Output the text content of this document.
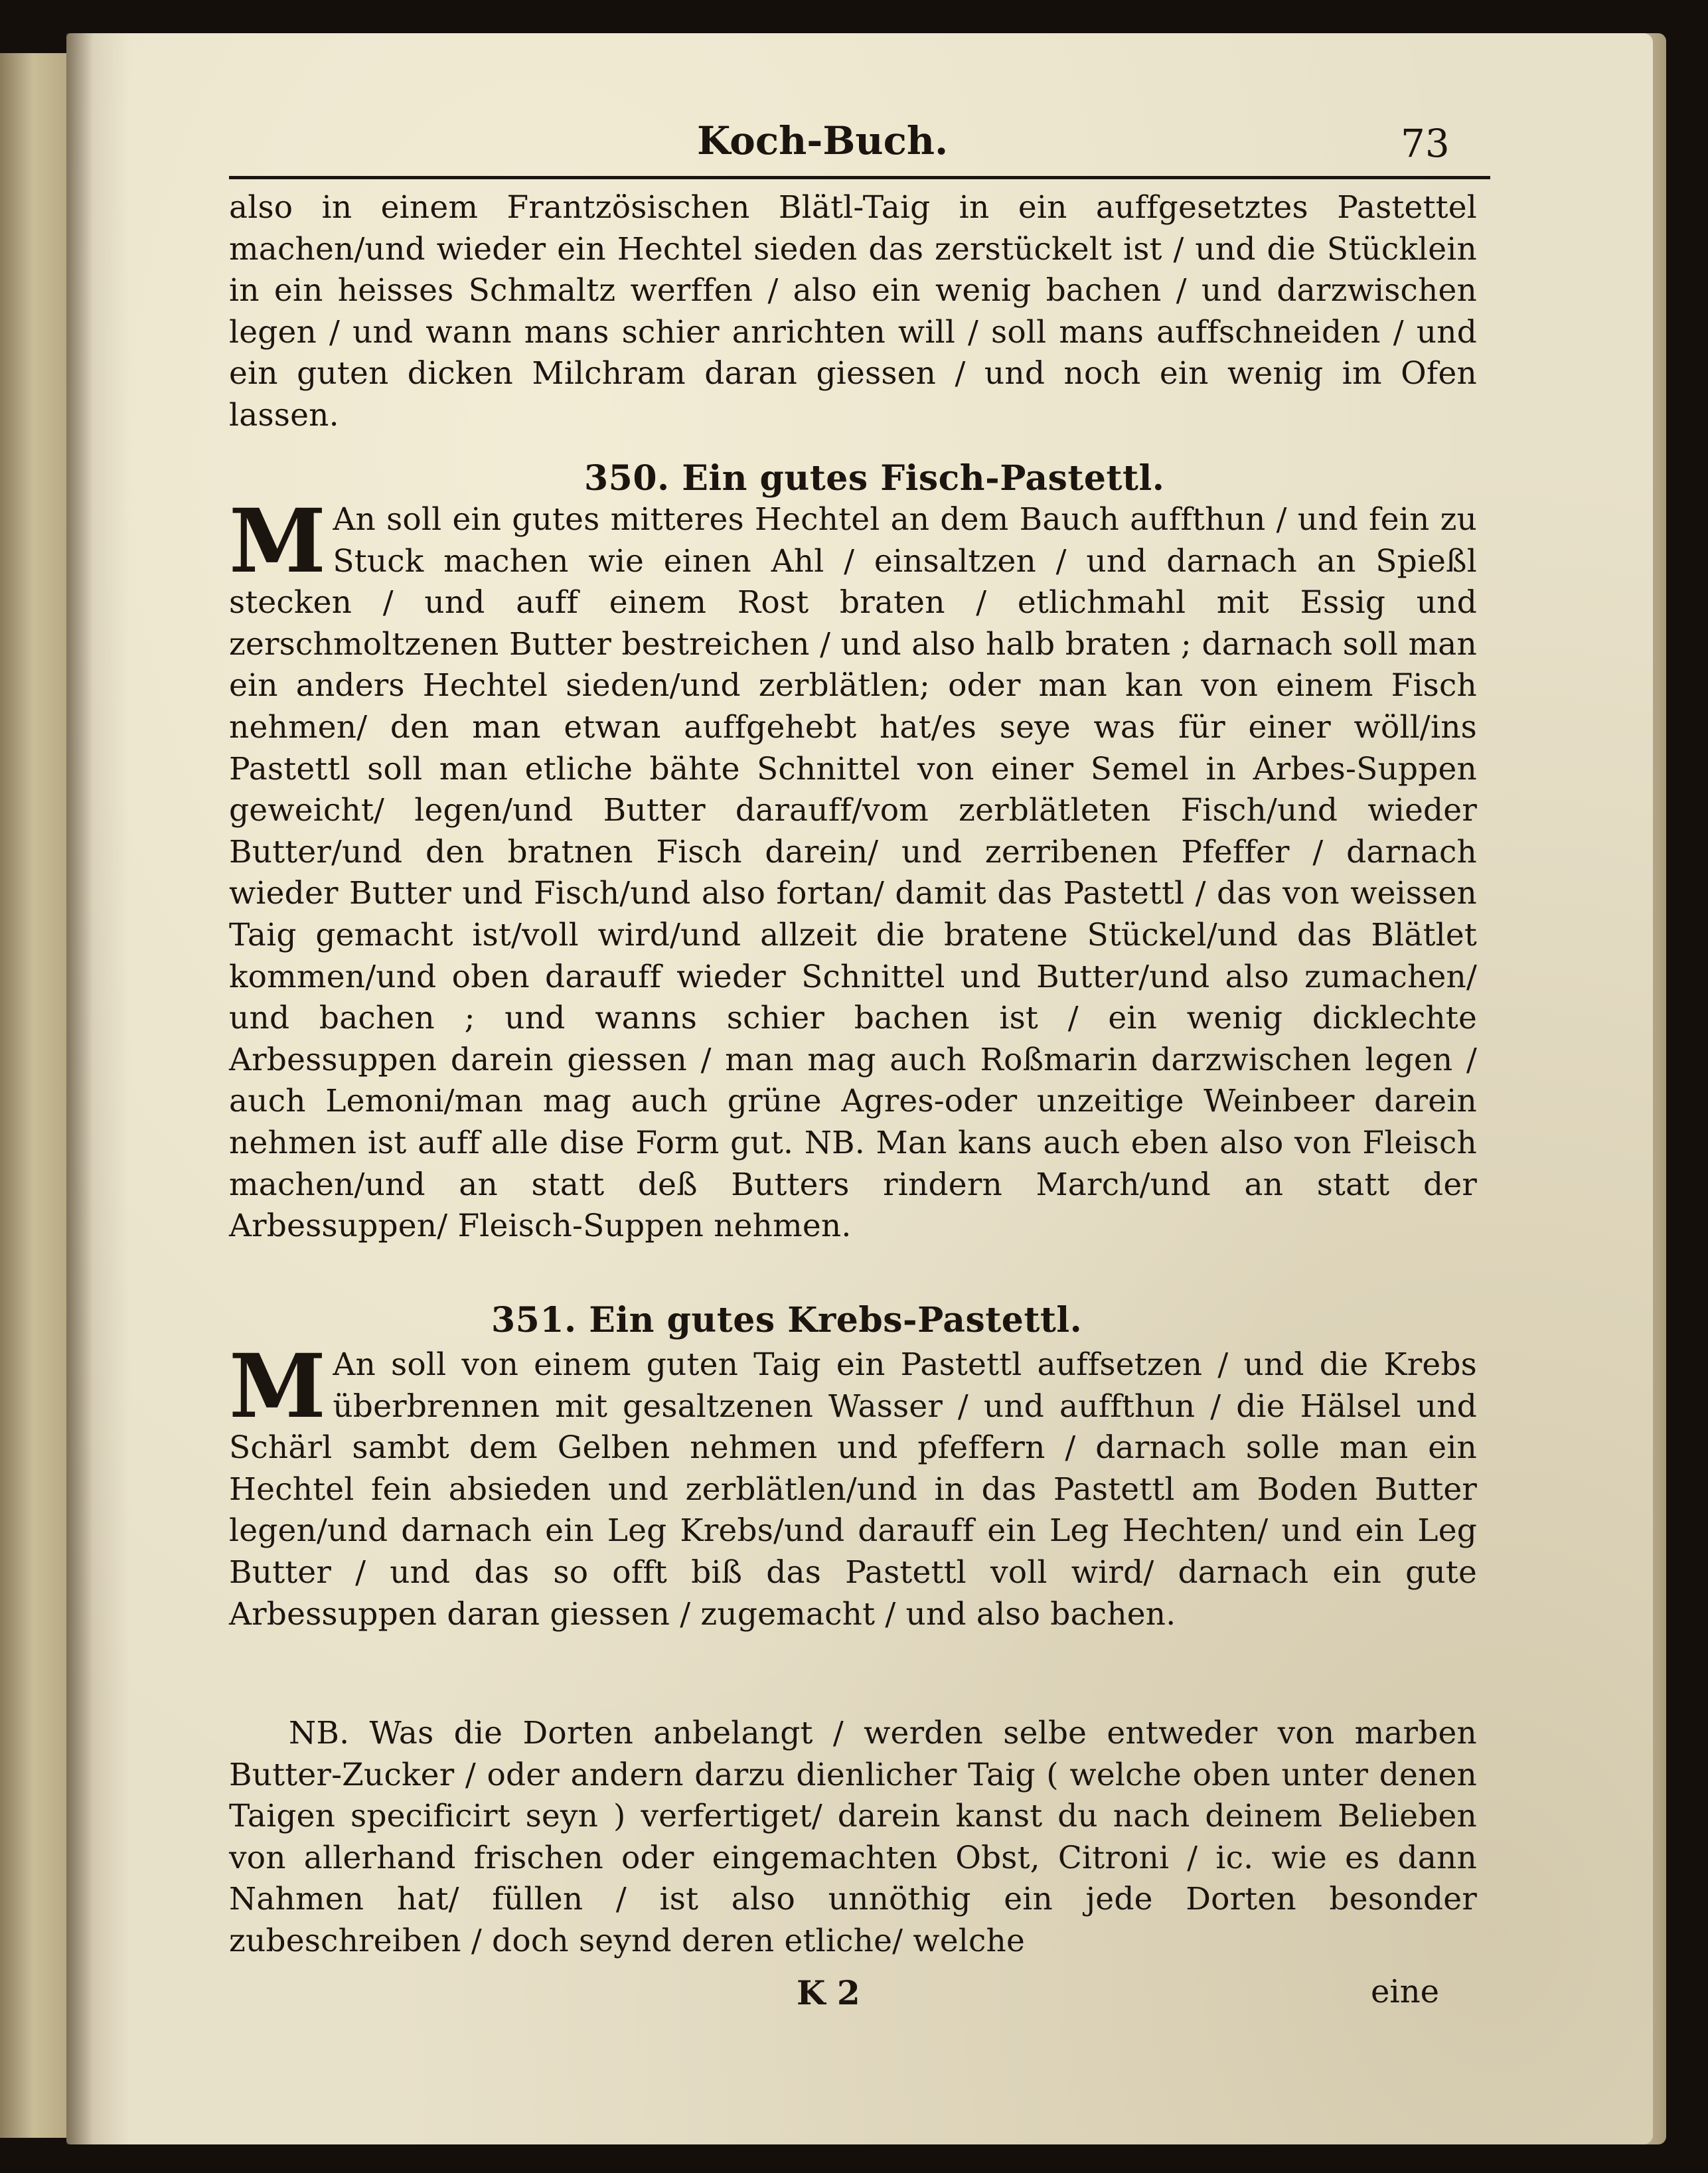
Koch-Buch.	73
also in einem Frantzösischen Blätl-Taig in ein auffgesetztes Pastettel machen/und wieder ein Hechtel sieden das zerstückelt ist / und die Stücklein in ein heisses Schmaltz werffen / also ein wenig bachen / und darzwischen legen / und wann mans schier anrichten will / soll mans auffschneiden / und ein guten dicken Milchram daran giessen / und noch ein wenig im Ofen lassen.
350. Ein gutes Fisch-Pastettl.
M An soll ein gutes mitteres Hechtel an dem Bauch auffthun / und fein zu Stuck machen wie einen Ahl / einsaltzen / und darnach an Spießl stecken / und auff einem Rost braten / etlichmahl mit Essig und zerschmoltzenen Butter bestreichen / und also halb braten ; darnach soll man ein anders Hechtel sieden/und zerblätlen; oder man kan von einem Fisch nehmen/ den man etwan auffgehebt hat/es seye was für einer wöll/ins Pastettl soll man etliche bähte Schnittel von einer Semel in Arbes-Suppen geweicht/ legen/und Butter darauff/vom zerblätleten Fisch/und wieder Butter/und den bratnen Fisch darein/ und zerribenen Pfeffer / darnach wieder Butter und Fisch/und also fortan/ damit das Pastettl / das von weissen Taig gemacht ist/voll wird/und allzeit die bratene Stückel/und das Blätlet kommen/und oben darauff wieder Schnittel und Butter/und also zumachen/ und bachen ; und wanns schier bachen ist / ein wenig dicklechte Arbessuppen darein giessen / man mag auch Roßmarin darzwischen legen / auch Lemoni/man mag auch grüne Agres-oder unzeitige Weinbeer darein nehmen ist auff alle dise Form gut. NB. Man kans auch eben also von Fleisch machen/und an statt deß Butters rindern March/und an statt der Arbessuppen/ Fleisch-Suppen nehmen.
351. Ein gutes Krebs-Pastettl.
M An soll von einem guten Taig ein Pastettl auffsetzen / und die Krebs überbrennen mit gesaltzenen Wasser / und auffthun / die Hälsel und Schärl sambt dem Gelben nehmen und pfeffern / darnach solle man ein Hechtel fein absieden und zerblätlen/und in das Pastettl am Boden Butter legen/und darnach ein Leg Krebs/und darauff ein Leg Hechten/ und ein Leg Butter / und das so offt biß das Pastettl voll wird/ darnach ein gute Arbessuppen daran giessen / zugemacht / und also bachen.
NB. Was die Dorten anbelangt / werden selbe entweder von marben Butter-Zucker / oder andern darzu dienlicher Taig ( welche oben unter denen Taigen specificirt seyn ) verfertiget/ darein kanst du nach deinem Belieben von allerhand frischen oder eingemachten Obst, Citroni / ic. wie es dann Nahmen hat/ füllen / ist also unnöthig ein jede Dorten besonder zubeschreiben / doch seynd deren etliche/ welche
K 2	eine
